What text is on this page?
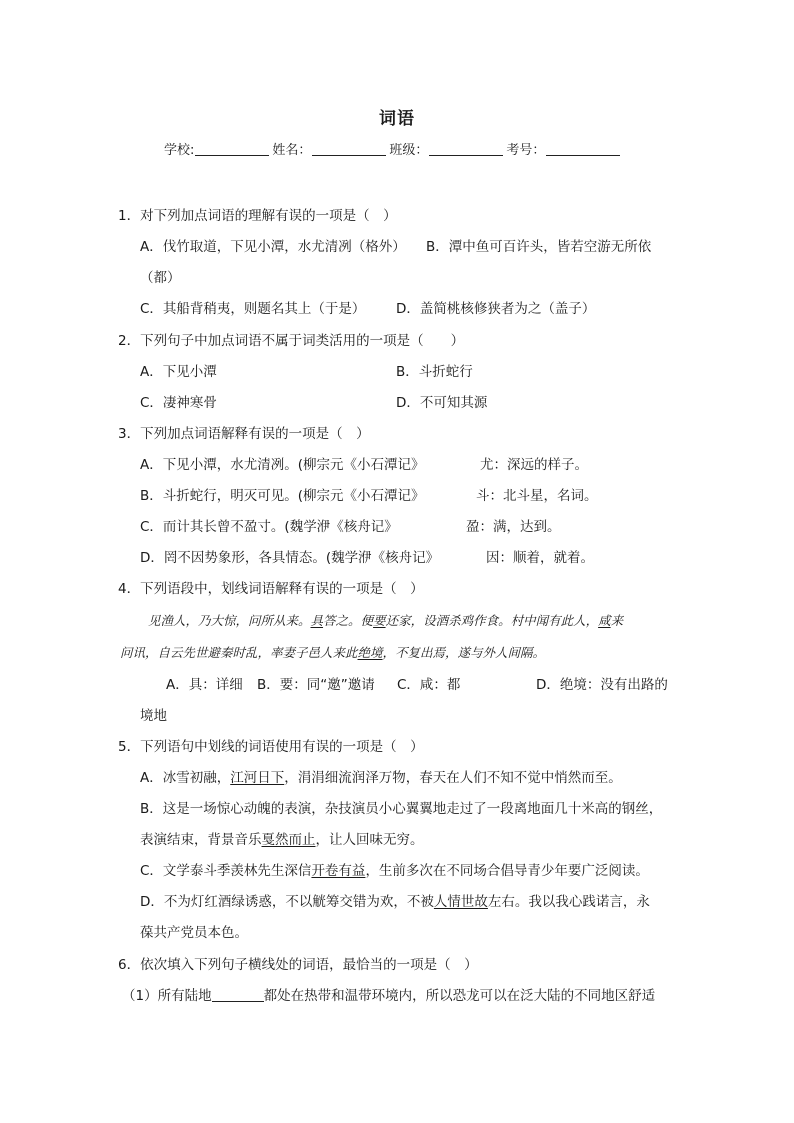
词语
学校:	姓名：	班级：	考号：
1．对下列加点词语的理解有误的一项是（　）
A．伐竹取道，下见小潭，水尤清冽（格外） B．潭中鱼可百许头，皆若空游无所依
（都）
C．其船背稍夷，则题名其上（于是） D．盖简桃核修狭者为之（盖子）
2．下列句子中加点词语不属于词类活用的一项是（　　）
A．下见小潭	B．斗折蛇行
C．凄神寒骨	D．不可知其源
3．下列加点词语解释有误的一项是（　）
A．下见小潭，水尤清冽。(柳宗元《小石潭记》	尤：深远的样子。
B．斗折蛇行，明灭可见。(柳宗元《小石潭记》	斗：北斗星，名词。
C．而计其长曾不盈寸。(魏学洢《核舟记》	盈：满，达到。
D．罔不因势象形，各具情态。(魏学洢《核舟记》	因：顺着，就着。
4．下列语段中，划线词语解释有误的一项是（　）
见渔人，乃大惊，问所从来。具答之。便要还家，设酒杀鸡作食。村中闻有此人，咸来
问讯，自云先世避秦时乱，率妻子邑人来此绝境，不复出焉，遂与外人间隔。
A．具：详细 B．要：同“邀”邀请 C．咸：都	D．绝境：没有出路的
境地
5．下列语句中划线的词语使用有误的一项是（　）
A．冰雪初融，江河日下，涓涓细流润泽万物，春天在人们不知不觉中悄然而至。
B．这是一场惊心动魄的表演，杂技演员小心翼翼地走过了一段离地面几十米高的钢丝，
表演结束，背景音乐戛然而止，让人回味无穷。
C．文学泰斗季羡林先生深信开卷有益，生前多次在不同场合倡导青少年要广泛阅读。
D．不为灯红酒绿诱惑，不以觥筹交错为欢，不被人情世故左右。我以我心践诺言，永
葆共产党员本色。
6．依次填入下列句子横线处的词语，最恰当的一项是（　）
（1）所有陆地	都处在热带和温带环境内，所以恐龙可以在泛大陆的不同地区舒适
